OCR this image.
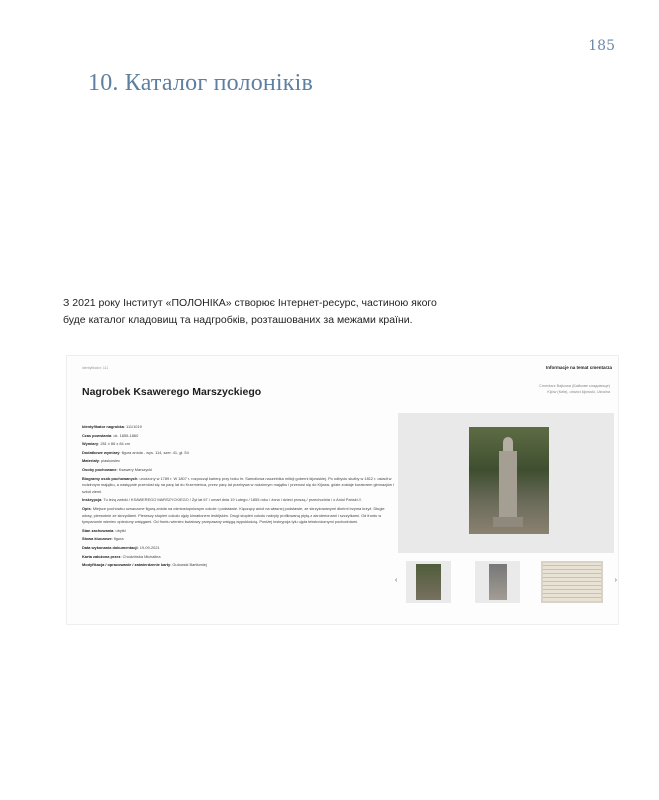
185
10. Каталог полоніків

З 2021 року Інститут «ПОЛОНІКА» створює Інтернет-ресурс, частиною якого

буде каталог кладовищ та надгробків, розташованих за межами країни.

identyfikator: 111	Informacje na temat cmentarza
Nagrobek Ksawerego Marszyckiego	Cmentarz Bajkowa (Байкове кладовище)
Kijów (Київ), obwód kijowski, Ukraina
Identyfikator nagrobka: 111/1019
Czas powstania: ok. 1855-1860
Wymiary: 281 x 86 x 84 cm
Dodatkowe wymiary: figura anioła - wys. 114, szer. 41, gł. 54
Materiały: piaskowiec
Osoby pochowane: Ksawery Marszycki
Biogramy osób pochowanych: urodzony w 1789 r. W 1807 r. rozpoczął karierę przy boku hr. Samoilowa naczelnika milicji guberni kijowskiej. Po odbyciu służby w 1812 r. osiadł w rodzinnym majątku, a następnie przeniósł się na parę lat do Krzemieńca, przez parę lat przebywa w rodzinnym majątku i przenosi się do Kijowa, gdzie zostaje kuratorem gimnazjów i szkół ziemi.
Inskrypcja: Tu leżą zwłoki / KSAWEREGO MARSZYCKIEGO / Żył lat 67 / umarł dnia 19 Lutego / 1855 roku / żona i dzieci proszą / przechodnia / o Aniol Pański //.
Opis: Miejsce pochówku oznaczone figurą anioła na ośmiostopniowym cokole i podstawie. Klęczący anioł na własnej podstawie, ze skrzyżowanymi dłońmi trzyma krzyż. Długie włosy, pierwotnie ze skrzydłami. Pierwszy stopień cokołu ujęty kimationem lesbijskim. Drugi stopień cokołu nakryty profilowaną płytą z akroterionami i szczytkami. Od frontu w tympanonie wieniec opleciony wstęgami. Od frontu wieniec kwiatowy przepasany wstęgą wypukłością. Poniżej inskrypcja tylu ujęta tekstonicznymi pochodniami.
Stan zachowania: ubytki
Słowa kluczowe: figura
Data wykonania dokumentacji: 19-09-2021
Karta założona przez: Chodzińska Michalina
Modyfikacja / opracowanie / zatwierdzenie karty: Gutowski Bartłomiej
‹	›
